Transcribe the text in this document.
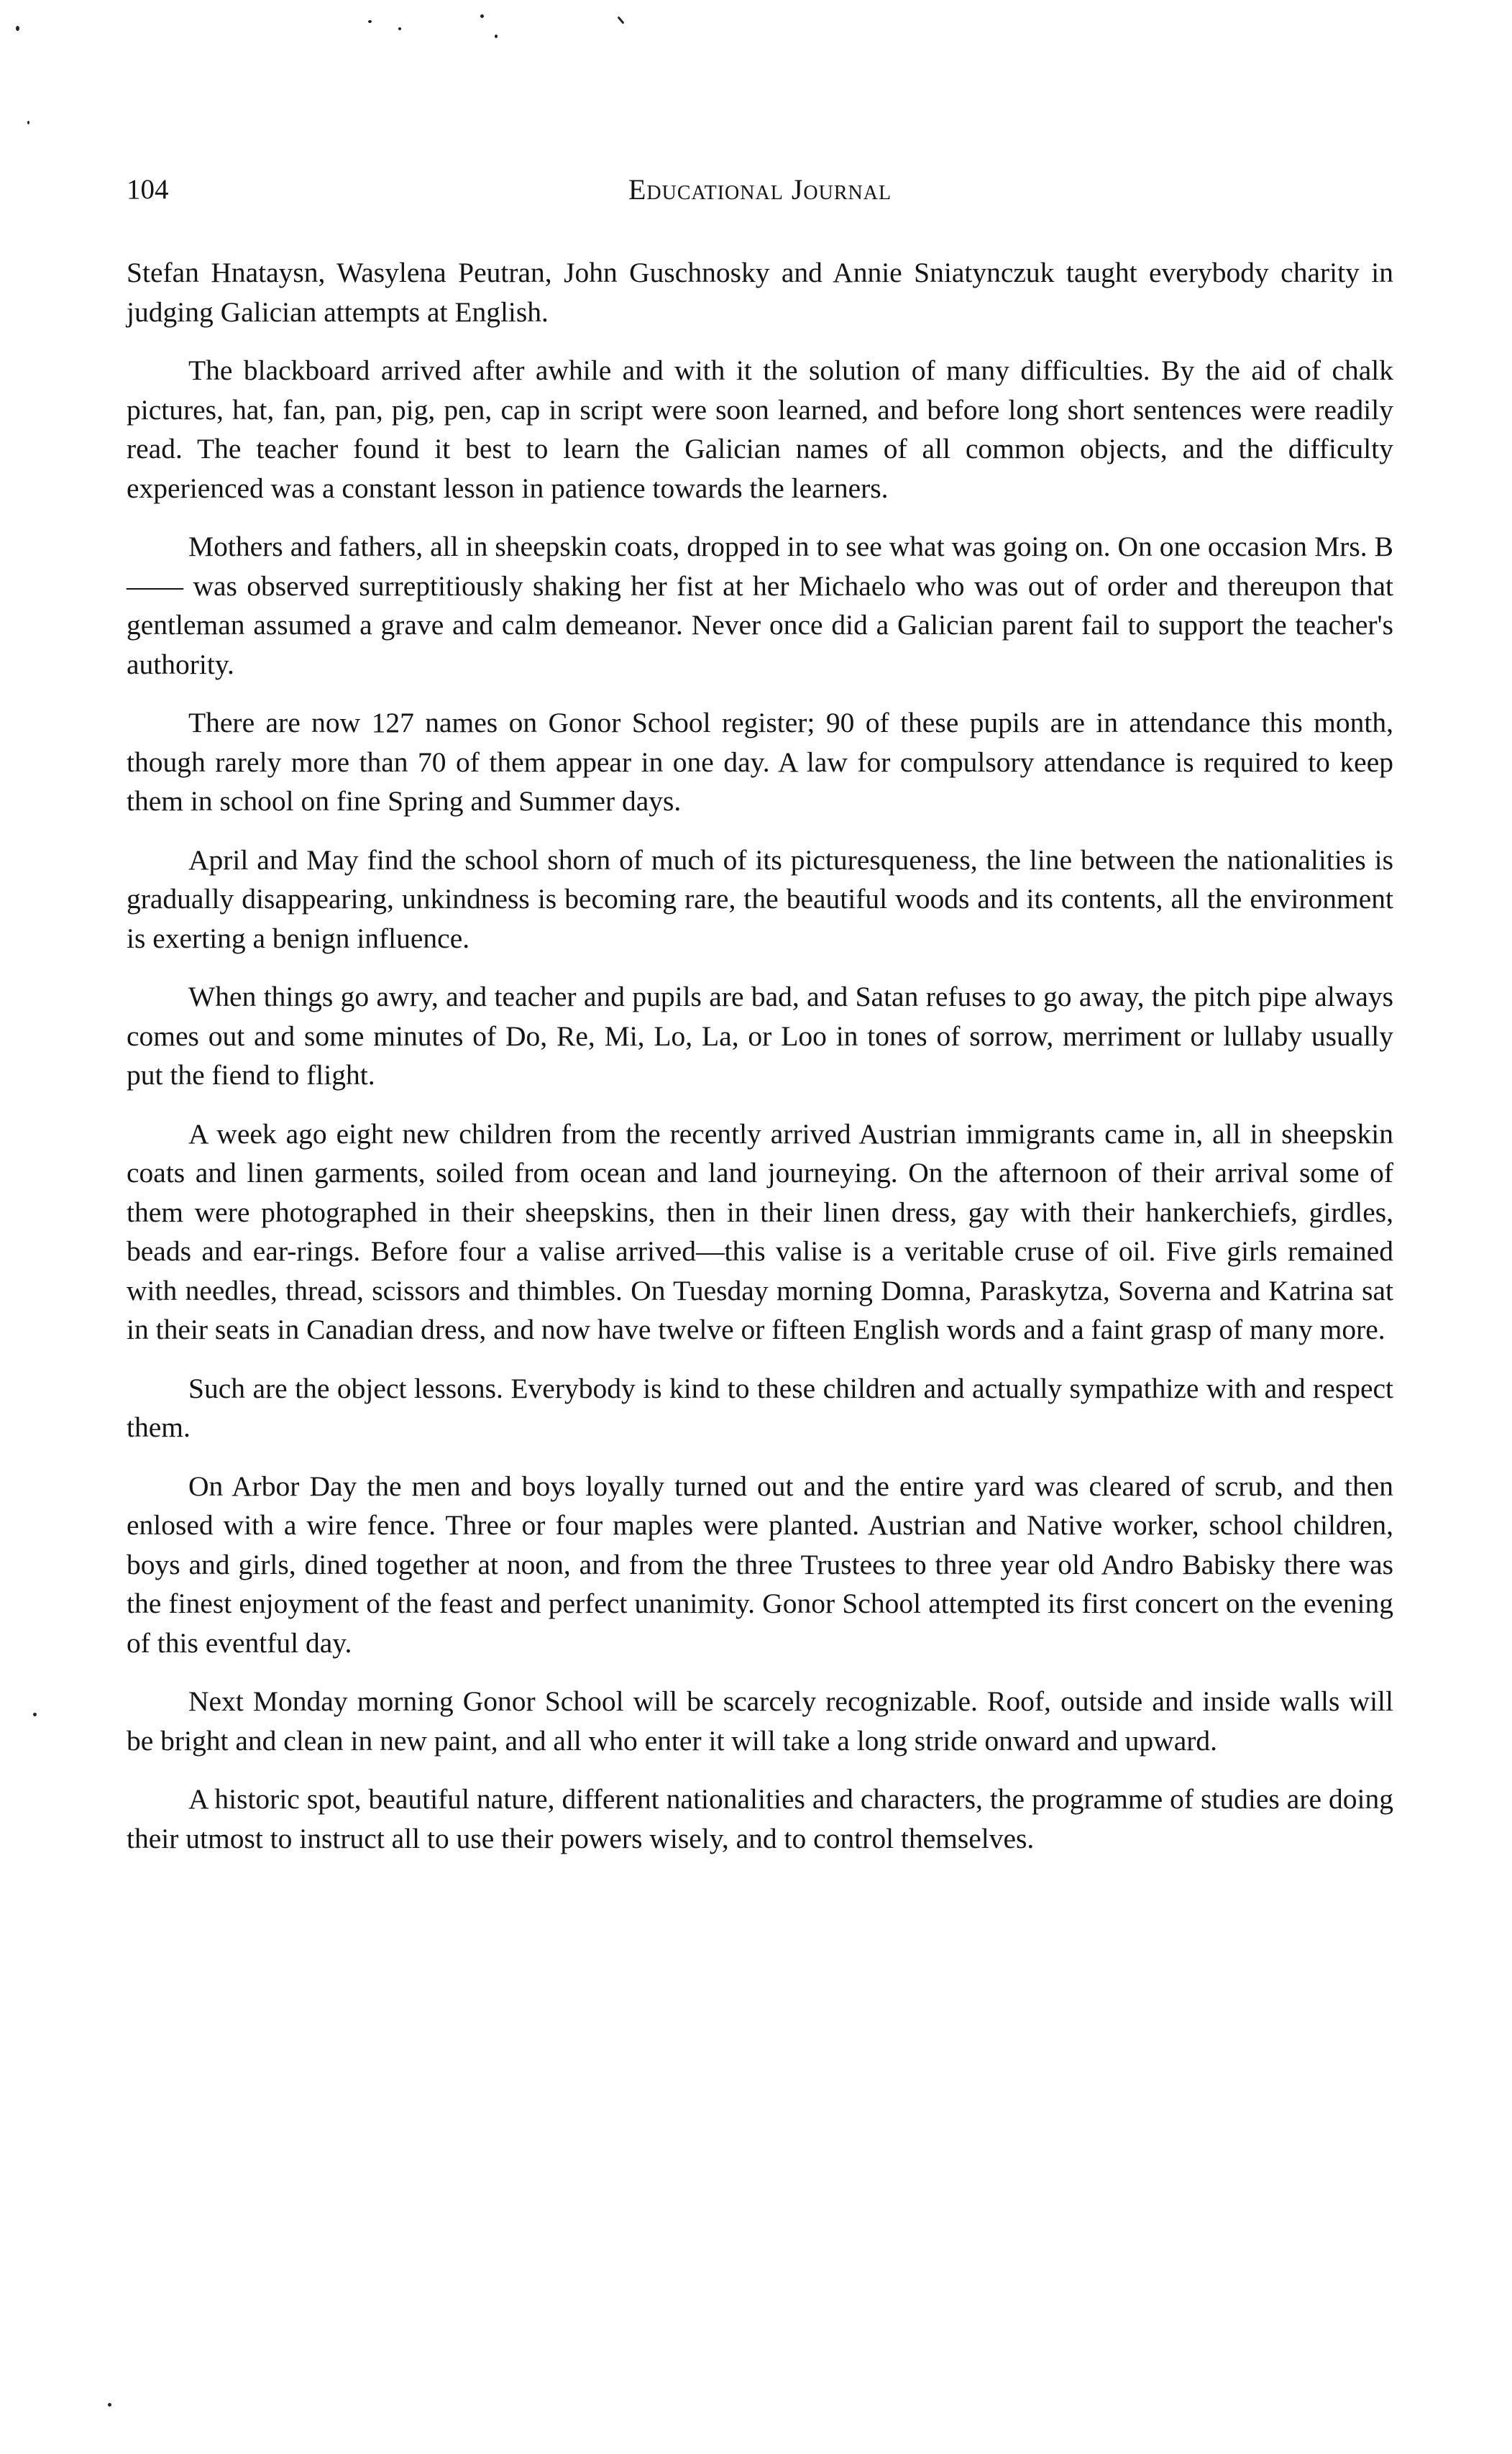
104	Educational Journal

Stefan Hnataysn, Wasylena Peutran, John Guschnosky and Annie Sniatynczuk taught everybody charity in judging Galician attempts at English.

The blackboard arrived after awhile and with it the solution of many difficulties. By the aid of chalk pictures, hat, fan, pan, pig, pen, cap in script were soon learned, and before long short sentences were readily read. The teacher found it best to learn the Galician names of all common objects, and the difficulty experienced was a constant lesson in patience towards the learners.

Mothers and fathers, all in sheepskin coats, dropped in to see what was going on. On one occasion Mrs. B—— was observed surreptitiously shaking her fist at her Michaelo who was out of order and thereupon that gentleman assumed a grave and calm demeanor. Never once did a Galician parent fail to support the teacher's authority.

There are now 127 names on Gonor School register; 90 of these pupils are in attendance this month, though rarely more than 70 of them appear in one day. A law for compulsory attendance is required to keep them in school on fine Spring and Summer days.

April and May find the school shorn of much of its picturesqueness, the line between the nationalities is gradually disappearing, unkindness is becoming rare, the beautiful woods and its contents, all the environment is exerting a benign influence.

When things go awry, and teacher and pupils are bad, and Satan refuses to go away, the pitch pipe always comes out and some minutes of Do, Re, Mi, Lo, La, or Loo in tones of sorrow, merriment or lullaby usually put the fiend to flight.

A week ago eight new children from the recently arrived Austrian immigrants came in, all in sheepskin coats and linen garments, soiled from ocean and land journeying. On the afternoon of their arrival some of them were photographed in their sheepskins, then in their linen dress, gay with their hankerchiefs, girdles, beads and ear-rings. Before four a valise arrived—this valise is a veritable cruse of oil. Five girls remained with needles, thread, scissors and thimbles. On Tuesday morning Domna, Paraskytza, Soverna and Katrina sat in their seats in Canadian dress, and now have twelve or fifteen English words and a faint grasp of many more.

Such are the object lessons. Everybody is kind to these children and actually sympathize with and respect them.

On Arbor Day the men and boys loyally turned out and the entire yard was cleared of scrub, and then enlosed with a wire fence. Three or four maples were planted. Austrian and Native worker, school children, boys and girls, dined together at noon, and from the three Trustees to three year old Andro Babisky there was the finest enjoyment of the feast and perfect unanimity. Gonor School attempted its first concert on the evening of this eventful day.

Next Monday morning Gonor School will be scarcely recognizable. Roof, outside and inside walls will be bright and clean in new paint, and all who enter it will take a long stride onward and upward.

A historic spot, beautiful nature, different nationalities and characters, the programme of studies are doing their utmost to instruct all to use their powers wisely, and to control themselves.
